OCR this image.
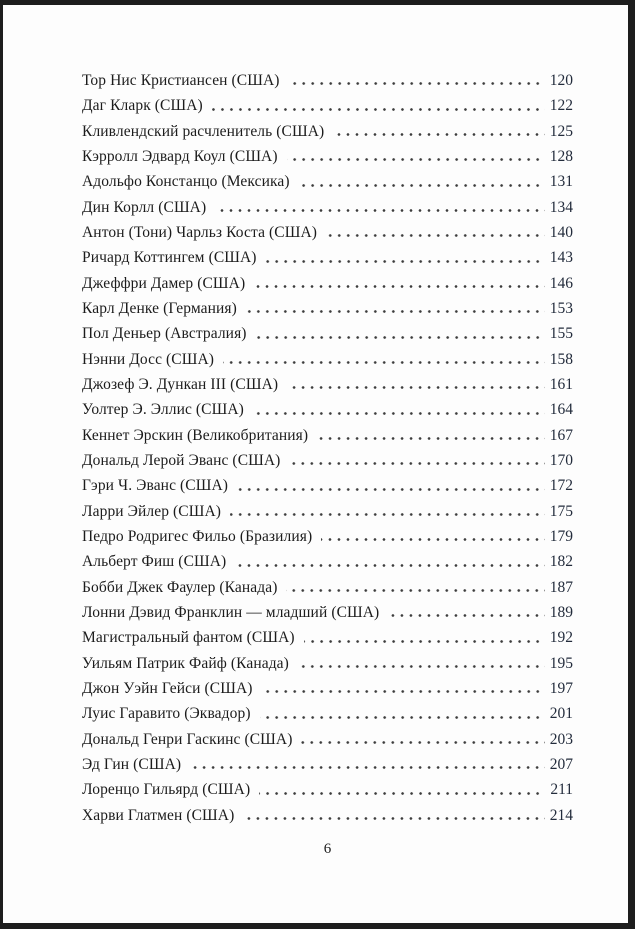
Тор Нис Кристиансен (США)	120
Даг Кларк (США)	122
Кливлендский расчленитель (США)	125
Кэрролл Эдвард Коул (США)	128
Адольфо Констанцо (Мексика)	131
Дин Корлл (США)	134
Антон (Тони) Чарльз Коста (США)	140
Ричард Коттингем (США)	143
Джеффри Дамер (США)	146
Карл Денке (Германия)	153
Пол Деньер (Австралия)	155
Нэнни Досс (США)	158
Джозеф Э. Дункан III (США)	161
Уолтер Э. Эллис (США)	164
Кеннет Эрскин (Великобритания)	167
Дональд Лерой Эванс (США)	170
Гэри Ч. Эванс (США)	172
Ларри Эйлер (США)	175
Педро Родригес Фильо (Бразилия)	179
Альберт Фиш (США)	182
Бобби Джек Фаулер (Канада)	187
Лонни Дэвид Франклин — младший (США)	189
Магистральный фантом (США)	192
Уильям Патрик Файф (Канада)	195
Джон Уэйн Гейси (США)	197
Луис Гаравито (Эквадор)	201
Дональд Генри Гаскинс (США)	203
Эд Гин (США)	207
Лоренцо Гильярд (США)	211
Харви Глатмен (США)	214
6
